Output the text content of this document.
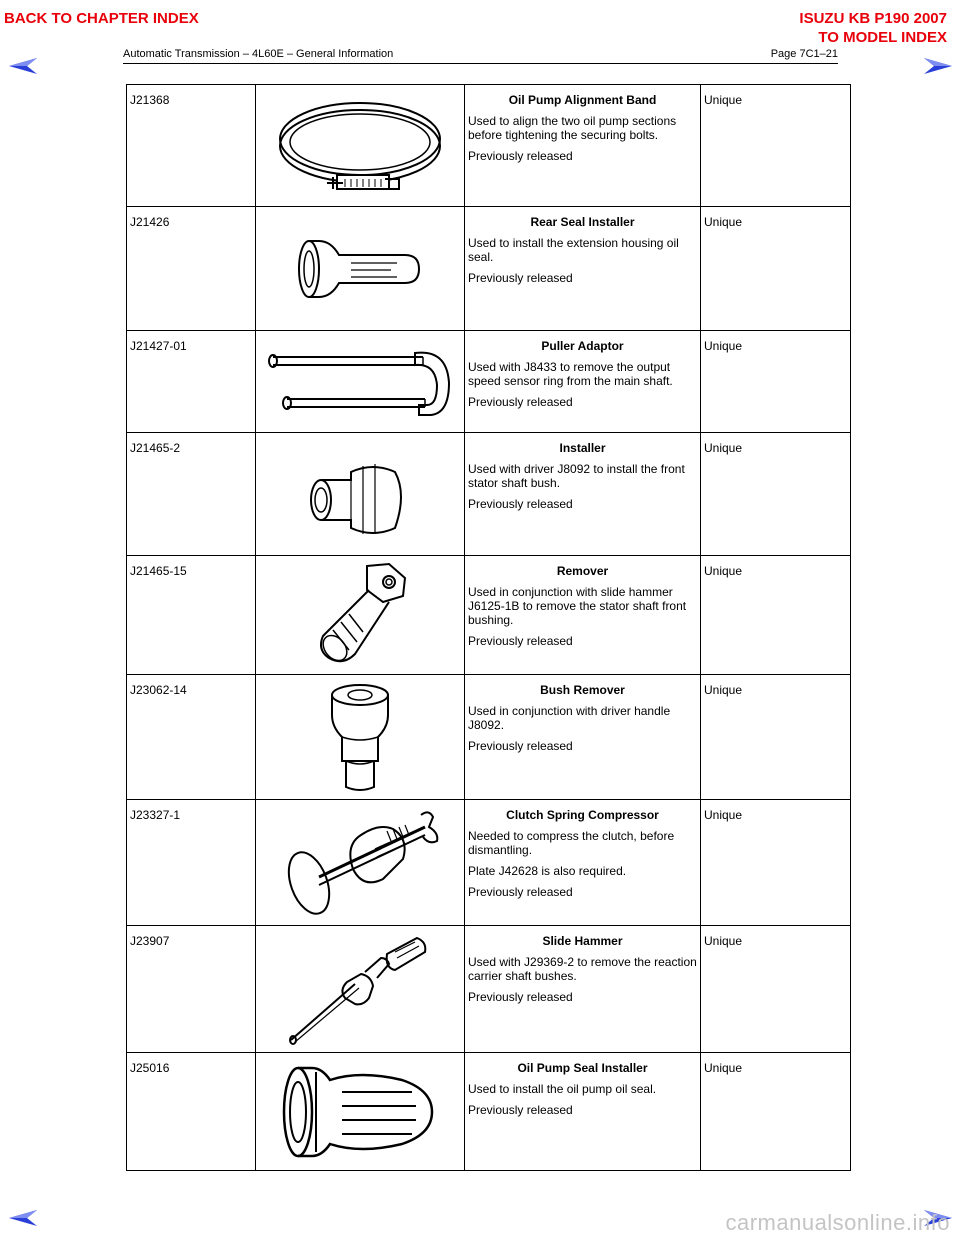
BACK TO CHAPTER INDEX	ISUZU KB P190 2007
TO MODEL INDEX
Automatic Transmission – 4L60E – General Information	Page 7C1–21
J21368		Oil Pump Alignment Band

Used to align the two oil pump sections before tightening the securing bolts.

Previously released	Unique
J21426		Rear Seal Installer

Used to install the extension housing oil seal.

Previously released	Unique
J21427-01		Puller Adaptor

Used with J8433 to remove the output speed sensor ring from the main shaft.

Previously released	Unique
J21465-2		Installer

Used with driver J8092 to install the front stator shaft bush.

Previously released	Unique
J21465-15		Remover

Used in conjunction with slide hammer J6125-1B to remove the stator shaft front bushing.

Previously released	Unique
J23062-14		Bush Remover

Used in conjunction with driver handle J8092.

Previously released	Unique
J23327-1		Clutch Spring Compressor

Needed to compress the clutch, before dismantling.

Plate J42628 is also required.

Previously released	Unique
J23907		Slide Hammer

Used with J29369-2 to remove the reaction carrier shaft bushes.

Previously released	Unique
J25016		Oil Pump Seal Installer

Used to install the oil pump oil seal.

Previously released	Unique
carmanualsonline.info
